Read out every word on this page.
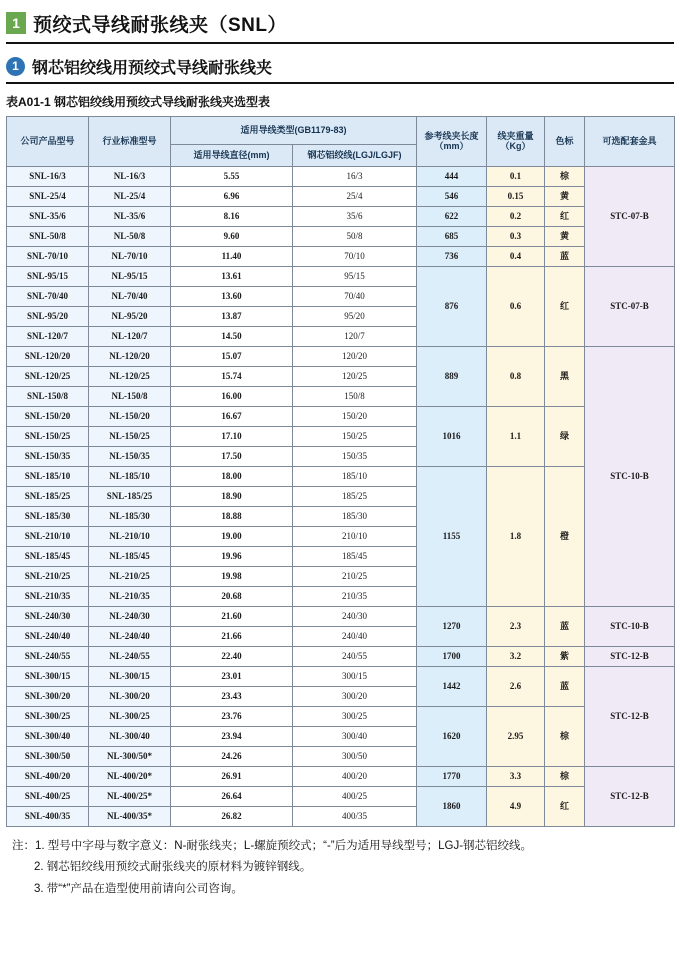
1 预绞式导线耐张线夹（SNL）
1 钢芯铝绞线用预绞式导线耐张线夹
表A01-1 钢芯铝绞线用预绞式导线耐张线夹选型表
公司产品型号	行业标准型号	适用导线类型(GB1179-83)		参考线夹长度（mm）	线夹重量（Kg）	色标	可选配套金具
		适用导线直径(mm)	钢芯铝绞线(LGJ/LGJF)				
SNL-16/3	NL-16/3	5.55	16/3	444	0.1	棕	STC-07-B
SNL-25/4	NL-25/4	6.96	25/4	546	0.15	黄	
SNL-35/6	NL-35/6	8.16	35/6	622	0.2	红	
SNL-50/8	NL-50/8	9.60	50/8	685	0.3	黄	
SNL-70/10	NL-70/10	11.40	70/10	736	0.4	蓝	
SNL-95/15	NL-95/15	13.61	95/15	876	0.6	红	STC-07-B
SNL-70/40	NL-70/40	13.60	70/40				
SNL-95/20	NL-95/20	13.87	95/20				
SNL-120/7	NL-120/7	14.50	120/7				
SNL-120/20	NL-120/20	15.07	120/20	889	0.8	黑	STC-10-B
SNL-120/25	NL-120/25	15.74	120/25				
SNL-150/8	NL-150/8	16.00	150/8				
SNL-150/20	NL-150/20	16.67	150/20	1016	1.1	绿	
SNL-150/25	NL-150/25	17.10	150/25				
SNL-150/35	NL-150/35	17.50	150/35				
SNL-185/10	NL-185/10	18.00	185/10	1155	1.8	橙	
SNL-185/25	SNL-185/25	18.90	185/25				
SNL-185/30	NL-185/30	18.88	185/30				
SNL-210/10	NL-210/10	19.00	210/10				
SNL-185/45	NL-185/45	19.96	185/45				
SNL-210/25	NL-210/25	19.98	210/25				
SNL-210/35	NL-210/35	20.68	210/35				
SNL-240/30	NL-240/30	21.60	240/30	1270	2.3	蓝	STC-10-B
SNL-240/40	NL-240/40	21.66	240/40				
SNL-240/55	NL-240/55	22.40	240/55	1700	3.2	紫	STC-12-B
SNL-300/15	NL-300/15	23.01	300/15	1442	2.6	蓝	STC-12-B
SNL-300/20	NL-300/20	23.43	300/20				
SNL-300/25	NL-300/25	23.76	300/25	1620	2.95	棕	
SNL-300/40	NL-300/40	23.94	300/40				
SNL-300/50	NL-300/50*	24.26	300/50				
SNL-400/20	NL-400/20*	26.91	400/20	1770	3.3	棕	STC-12-B
SNL-400/25	NL-400/25*	26.64	400/25	1860	4.9	红	
SNL-400/35	NL-400/35*	26.82	400/35				
注：1. 型号中字母与数字意义：N-耐张线夹；L-螺旋预绞式；“-”后为适用导线型号；LGJ-钢芯铝绞线。
2. 钢芯铝绞线用预绞式耐张线夹的原材料为镀锌钢线。
3. 带“*”产品在造型使用前请向公司咨询。
